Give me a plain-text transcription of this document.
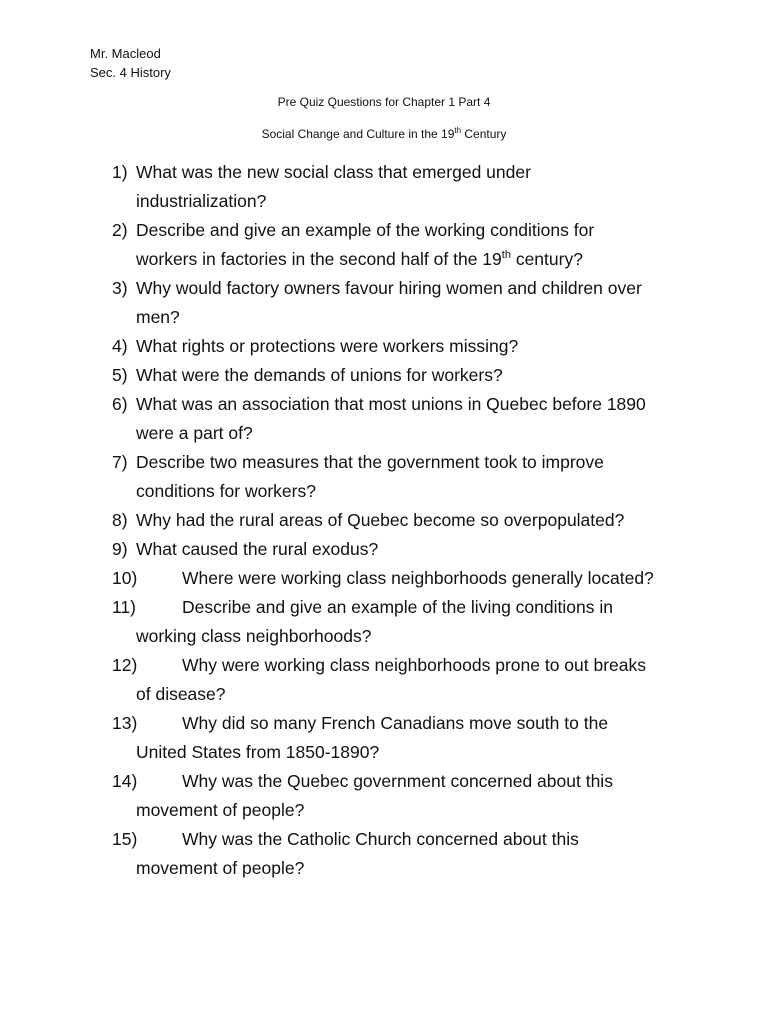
Mr. Macleod
Sec. 4 History
Pre Quiz Questions for Chapter 1 Part 4
Social Change and Culture in the 19th Century
1) What was the new social class that emerged under
industrialization?
2) Describe and give an example of the working conditions for
workers in factories in the second half of the 19th century?
3) Why would factory owners favour hiring women and children over
men?
4) What rights or protections were workers missing?
5) What were the demands of unions for workers?
6) What was an association that most unions in Quebec before 1890
were a part of?
7) Describe two measures that the government took to improve
conditions for workers?
8) Why had the rural areas of Quebec become so overpopulated?
9) What caused the rural exodus?
10)	Where were working class neighborhoods generally located?
11)	Describe and give an example of the living conditions in
working class neighborhoods?
12)	Why were working class neighborhoods prone to out breaks
of disease?
13)	Why did so many French Canadians move south to the
United States from 1850-1890?
14)	Why was the Quebec government concerned about this
movement of people?
15)	Why was the Catholic Church concerned about this
movement of people?
